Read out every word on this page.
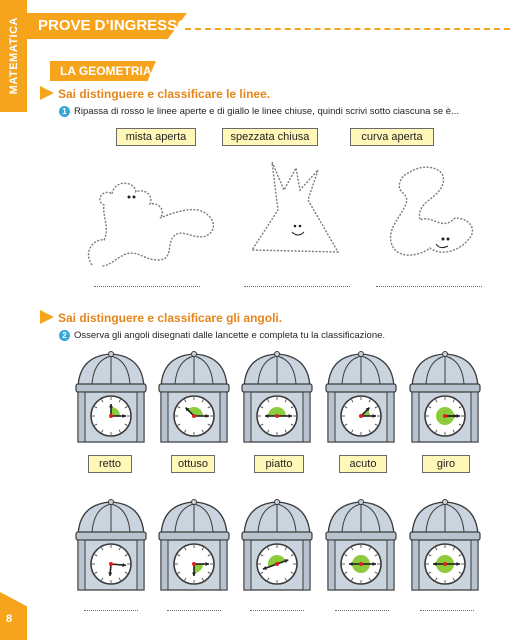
MATEMATICA PROVE D’INGRESSO
LA GEOMETRIA
Sai distinguere e classificare le linee.
1 Ripassa di rosso le linee aperte e di giallo le linee chiuse, quindi scrivi sotto ciascuna se è...
mista aperta	spezzata chiusa	curva aperta
Sai distinguere e classificare gli angoli.
2 Osserva gli angoli disegnati dalle lancette e completa tu la classificazione.
retto	ottuso	piatto	acuto	giro
8
